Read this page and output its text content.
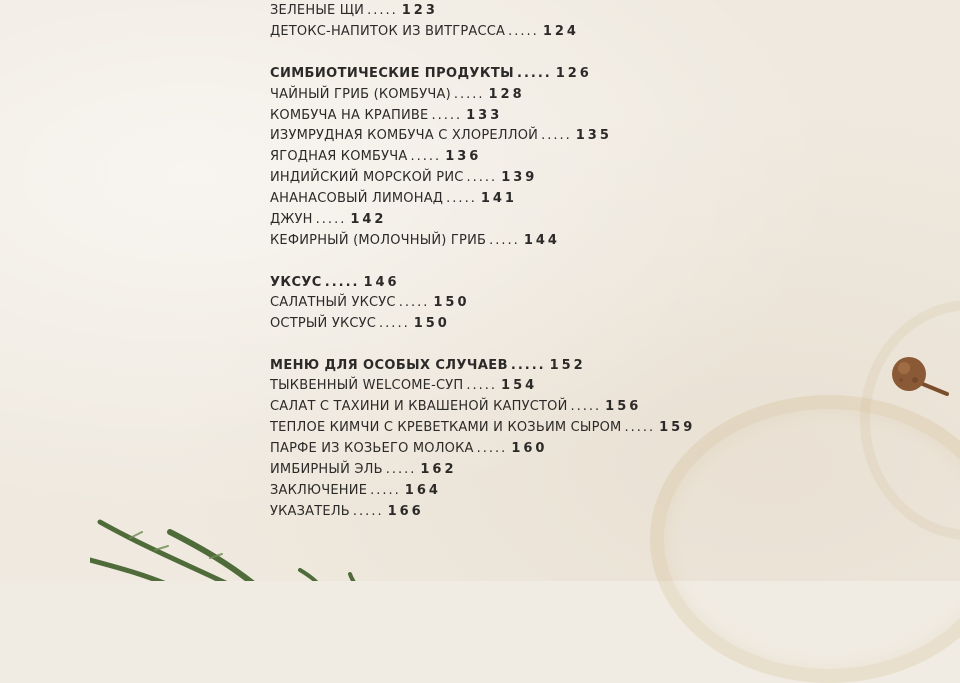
ЗЕЛЕНЫЕ ЩИ ..... 123
ДЕТОКС-НАПИТОК ИЗ ВИТГРАССА ..... 124
СИМБИОТИЧЕСКИЕ ПРОДУКТЫ ..... 126
ЧАЙНЫЙ ГРИБ (КОМБУЧА) ..... 128
КОМБУЧА НА КРАПИВЕ ..... 133
ИЗУМРУДНАЯ КОМБУЧА С ХЛОРЕЛЛОЙ ..... 135
ЯГОДНАЯ КОМБУЧА ..... 136
ИНДИЙСКИЙ МОРСКОЙ РИС ..... 139
АНАНАСОВЫЙ ЛИМОНАД ..... 141
ДЖУН ..... 142
КЕФИРНЫЙ (МОЛОЧНЫЙ) ГРИБ ..... 144
УКСУС ..... 146
САЛАТНЫЙ УКСУС ..... 150
ОСТРЫЙ УКСУС ..... 150
МЕНЮ ДЛЯ ОСОБЫХ СЛУЧАЕВ ..... 152
ТЫКВЕННЫЙ WELCOME-СУП ..... 154
САЛАТ С ТАХИНИ И КВАШЕНОЙ КАПУСТОЙ ..... 156
ТЕПЛОЕ КИМЧИ С КРЕВЕТКАМИ И КОЗЬИМ СЫРОМ ..... 159
ПАРФЕ ИЗ КОЗЬЕГО МОЛОКА ..... 160
ИМБИРНЫЙ ЭЛЬ ..... 162
ЗАКЛЮЧЕНИЕ ..... 164
УКАЗАТЕЛЬ ..... 166
